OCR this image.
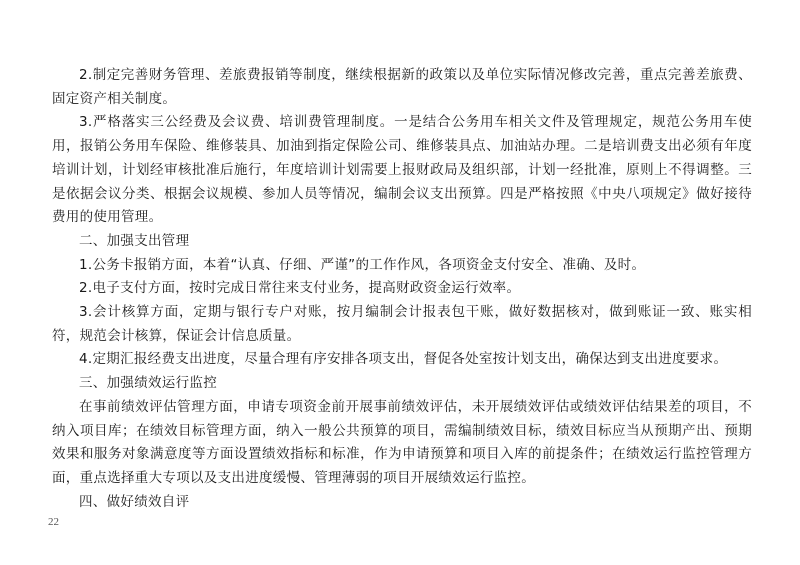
2.制定完善财务管理、差旅费报销等制度，继续根据新的政策以及单位实际情况修改完善，重点完善差旅费、固定资产相关制度。

3.严格落实三公经费及会议费、培训费管理制度。一是结合公务用车相关文件及管理规定，规范公务用车使用，报销公务用车保险、维修装具、加油到指定保险公司、维修装具点、加油站办理。二是培训费支出必须有年度培训计划，计划经审核批准后施行，年度培训计划需要上报财政局及组织部，计划一经批准，原则上不得调整。三是依据会议分类、根据会议规模、参加人员等情况，编制会议支出预算。四是严格按照《中央八项规定》做好接待费用的使用管理。

二、加强支出管理

1.公务卡报销方面，本着“认真、仔细、严谨”的工作作风，各项资金支付安全、准确、及时。

2.电子支付方面，按时完成日常往来支付业务，提高财政资金运行效率。

3.会计核算方面，定期与银行专户对账，按月编制会计报表包干账，做好数据核对，做到账证一致、账实相符，规范会计核算，保证会计信息质量。

4.定期汇报经费支出进度，尽量合理有序安排各项支出，督促各处室按计划支出，确保达到支出进度要求。

三、加强绩效运行监控

在事前绩效评估管理方面，申请专项资金前开展事前绩效评估，未开展绩效评估或绩效评估结果差的项目，不纳入项目库；在绩效目标管理方面，纳入一般公共预算的项目，需编制绩效目标，绩效目标应当从预期产出、预期效果和服务对象满意度等方面设置绩效指标和标准，作为申请预算和项目入库的前提条件；在绩效运行监控管理方面，重点选择重大专项以及支出进度缓慢、管理薄弱的项目开展绩效运行监控。

四、做好绩效自评

22
